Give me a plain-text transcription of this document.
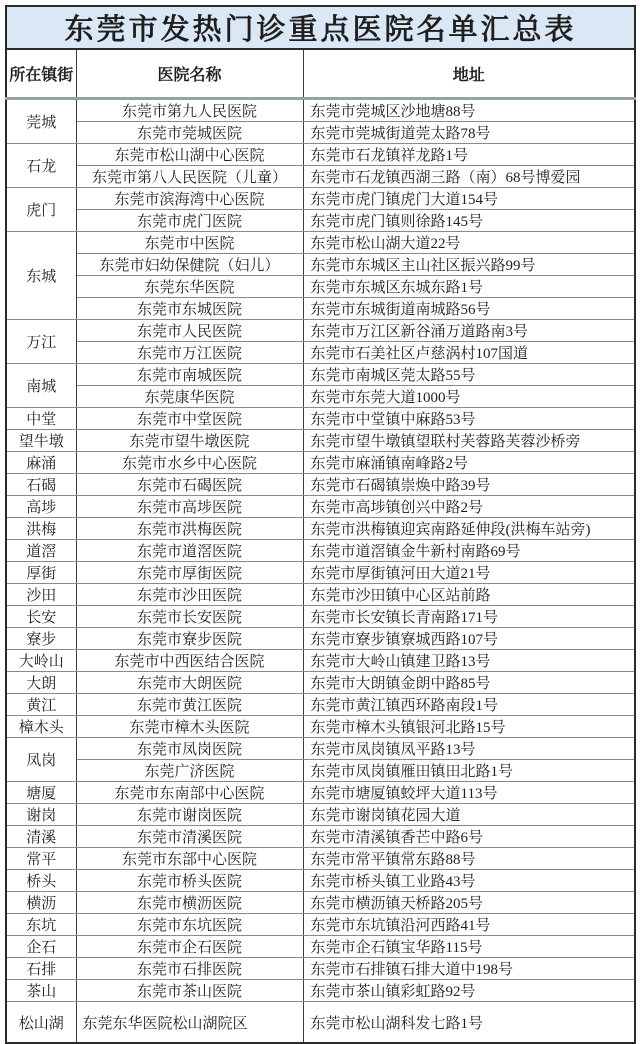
东莞市发热门诊重点医院名单汇总表		
所在镇街	医院名称	地址
莞城	东莞市第九人民医院	东莞市莞城区沙地塘88号
	东莞市莞城医院	东莞市莞城街道莞太路78号
石龙	东莞市松山湖中心医院	东莞市石龙镇祥龙路1号
	东莞市第八人民医院（儿童）	东莞市石龙镇西湖三路（南）68号博爱园
虎门	东莞市滨海湾中心医院	东莞市虎门镇虎门大道154号
	东莞市虎门医院	东莞市虎门镇则徐路145号
东城	东莞市中医院	东莞市松山湖大道22号
	东莞市妇幼保健院（妇儿）	东莞市东城区主山社区振兴路99号
	东莞东华医院	东莞市东城区东城东路1号
	东莞市东城医院	东莞市东城街道南城路56号
万江	东莞市人民医院	东莞市万江区新谷涌万道路南3号
	东莞市万江医院	东莞市石美社区卢慈涡村107国道
南城	东莞市南城医院	东莞市南城区莞太路55号
	东莞康华医院	东莞市东莞大道1000号
中堂	东莞市中堂医院	东莞市中堂镇中麻路53号
望牛墩	东莞市望牛墩医院	东莞市望牛墩镇望联村芙蓉路芙蓉沙桥旁
麻涌	东莞市水乡中心医院	东莞市麻涌镇南峰路2号
石碣	东莞市石碣医院	东莞市石碣镇崇焕中路39号
高埗	东莞市高埗医院	东莞市高埗镇创兴中路2号
洪梅	东莞市洪梅医院	东莞市洪梅镇迎宾南路延伸段(洪梅车站旁)
道滘	东莞市道滘医院	东莞市道滘镇金牛新村南路69号
厚街	东莞市厚街医院	东莞市厚街镇河田大道21号
沙田	东莞市沙田医院	东莞市沙田镇中心区站前路
长安	东莞市长安医院	东莞市长安镇长青南路171号
寮步	东莞市寮步医院	东莞市寮步镇寮城西路107号
大岭山	东莞市中西医结合医院	东莞市大岭山镇建卫路13号
大朗	东莞市大朗医院	东莞市大朗镇金朗中路85号
黄江	东莞市黄江医院	东莞市黄江镇西环路南段1号
樟木头	东莞市樟木头医院	东莞市樟木头镇银河北路15号
凤岗	东莞市凤岗医院	东莞市凤岗镇凤平路13号
	东莞广济医院	东莞市凤岗镇雁田镇田北路1号
塘厦	东莞市东南部中心医院	东莞市塘厦镇蛟坪大道113号
谢岗	东莞市谢岗医院	东莞市谢岗镇花园大道
清溪	东莞市清溪医院	东莞市清溪镇香芒中路6号
常平	东莞市东部中心医院	东莞市常平镇常东路88号
桥头	东莞市桥头医院	东莞市桥头镇工业路43号
横沥	东莞市横沥医院	东莞市横沥镇天桥路205号
东坑	东莞市东坑医院	东莞市东坑镇沿河西路41号
企石	东莞市企石医院	东莞市企石镇宝华路115号
石排	东莞市石排医院	东莞市石排镇石排大道中198号
茶山	东莞市茶山医院	东莞市茶山镇彩虹路92号
松山湖	东莞东华医院松山湖院区	东莞市松山湖科发七路1号
